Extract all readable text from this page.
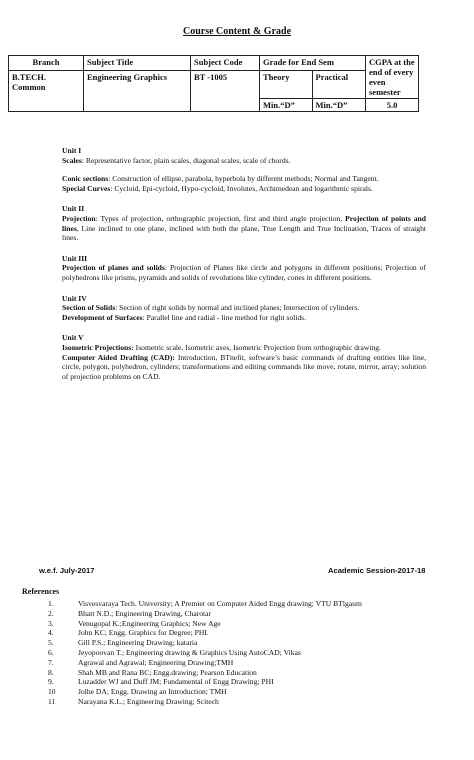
Course Content & Grade
Branch	Subject Title	Subject Code	Grade for End Sem		CGPA at the end of every even semester
B.TECH. Common	Engineering Graphics	BT -1005	Theory	Practical	
			Min.“D”	Min.“D”	5.0

Unit I

Scales: Representative factor, plain scales, diagonal scales, scale of chords.

Conic sections: Construction of ellipse, parabola, hyperbola by different methods; Normal and Tangent.

Special Curves: Cycloid, Epi-cycloid, Hypo-cycloid, Involutes, Archimedean and logarithmic spirals.

Unit II

Projection: Types of projection, orthographic projection, first and third angle projection, Projection of points and lines, Line inclined to one plane, inclined with both the plane, True Length and True Inclination, Traces of straight lines.

Unit III

Projection of planes and solids: Projection of Planes like circle and polygons in different positions; Projection of polyhedrons like prisms, pyramids and solids of revolutions like cylinder, cones in different positions.

Unit IV

Section of Solids: Section of right solids by normal and inclined planes; Intersection of cylinders.

Development of Surfaces: Parallel line and radial - line method for right solids.

Unit V

Isometric Projections: Isometric scale, Isometric axes, Isometric Projection from orthographic drawing.

Computer Aided Drafting (CAD): Introduction, BTnefit, software’s basic commands of drafting entities like line, circle, polygon, polyhedron, cylinders; transformations and editing commands like move, rotate, mirror, array; solution of projection problems on CAD.

w.e.f. July-2017	Academic Session-2017-18
References
1.	Visvesvaraya Tech. University; A Premier on Computer Aided Engg drawing; VTU BTlgaum
2.	Bhatt N.D.; Engineering Drawing, Charotar
3.	Venugopal K.;Engineering Graphics; New Age
4.	John KC; Engg. Graphics for Degree; PHI.
5.	Gill P.S.; Engineering Drawing; kataria
6.	Jeyopoovan T.; Engineering drawing & Graphics Using AutoCAD; Vikas
7.	Agrawal and Agrawal; Engineering Drawing;TMH
8.	Shah MB and Rana BC; Engg.drawing; Pearson Education
9.	Luzadder WJ and Duff JM; Fundamental of Engg Drawing; PHI
10	Jolhe DA; Engg. Drawing an Introduction; TMH
11	Narayana K.L.; Engineering Drawing; Scitech
